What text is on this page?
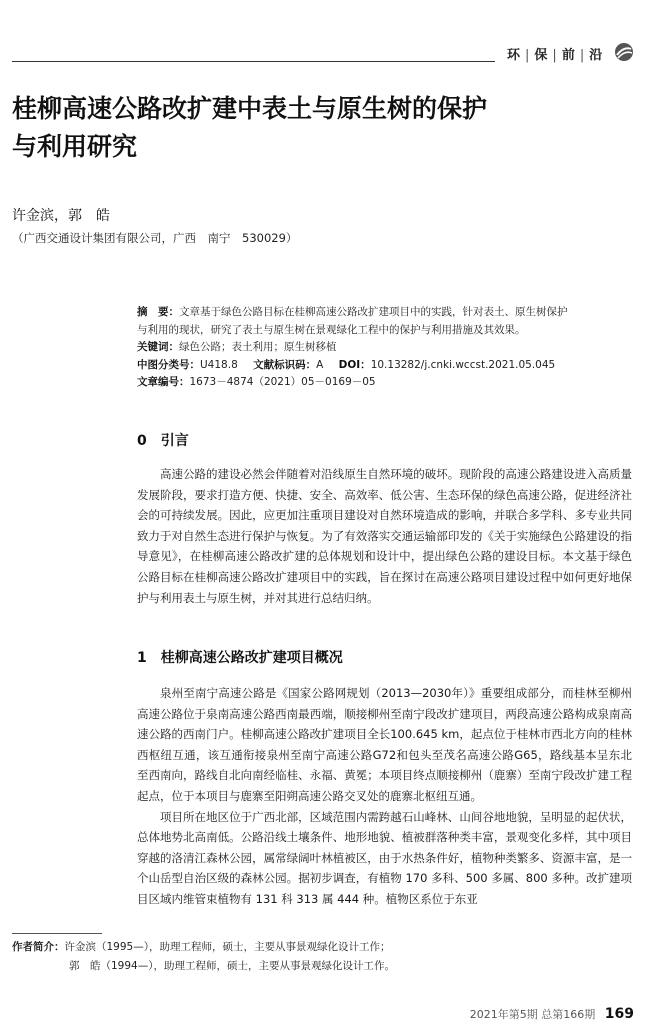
环 | 保 | 前 | 沿
桂柳高速公路改扩建中表土与原生树的保护
与利用研究
许金滨，郭　皓
（广西交通设计集团有限公司，广西　南宁　530029）
摘　要：文章基于绿色公路目标在桂柳高速公路改扩建项目中的实践，针对表土、原生树保护
与利用的现状，研究了表土与原生树在景观绿化工程中的保护与利用措施及其效果。
关键词：绿色公路；表土利用；原生树移植
中图分类号：U418.8 文献标识码：A DOI：10.13282/j.cnki.wccst.2021.05.045
文章编号：1673－4874（2021）05－0169－05
0　引言

高速公路的建设必然会伴随着对沿线原生自然环境的破坏。现阶段的高速公路建设进入高质量发展阶段，要求打造方便、快捷、安全、高效率、低公害、生态环保的绿色高速公路，促进经济社会的可持续发展。因此，应更加注重项目建设对自然环境造成的影响，并联合多学科、多专业共同致力于对自然生态进行保护与恢复。为了有效落实交通运输部印发的《关于实施绿色公路建设的指导意见》，在桂柳高速公路改扩建的总体规划和设计中，提出绿色公路的建设目标。本文基于绿色公路目标在桂柳高速公路改扩建项目中的实践，旨在探讨在高速公路项目建设过程中如何更好地保护与利用表土与原生树，并对其进行总结归纳。

1　桂柳高速公路改扩建项目概况

泉州至南宁高速公路是《国家公路网规划（2013—2030年）》重要组成部分，而桂林至柳州高速公路位于泉南高速公路西南最西端，顺接柳州至南宁段改扩建项目，两段高速公路构成泉南高速公路的西南门户。桂柳高速公路改扩建项目全长100.645 km，起点位于桂林市西北方向的桂林西枢纽互通，该互通衔接泉州至南宁高速公路G72和包头至茂名高速公路G65，路线基本呈东北至西南向，路线自北向南经临桂、永福、黄冕；本项目终点顺接柳州（鹿寨）至南宁段改扩建工程起点，位于本项目与鹿寨至阳朔高速公路交叉处的鹿寨北枢纽互通。

项目所在地区位于广西北部，区域范围内需跨越石山峰林、山间谷地地貌，呈明显的起伏状，总体地势北高南低。公路沿线土壤条件、地形地貌、植被群落种类丰富，景观变化多样，其中项目穿越的洛清江森林公园，属常绿阔叶林植被区，由于水热条件好，植物种类繁多、资源丰富，是一个山岳型自治区级的森林公园。据初步调查，有植物 170 多科、500 多属、800 多种。改扩建项目区域内维管束植物有 131 科 313 属 444 种。植物区系位于东亚

作者简介：许金滨（1995—），助理工程师，硕士，主要从事景观绿化设计工作；
郭　皓（1994—），助理工程师，硕士，主要从事景观绿化设计工作。
2021年第5期 总第166期 169
